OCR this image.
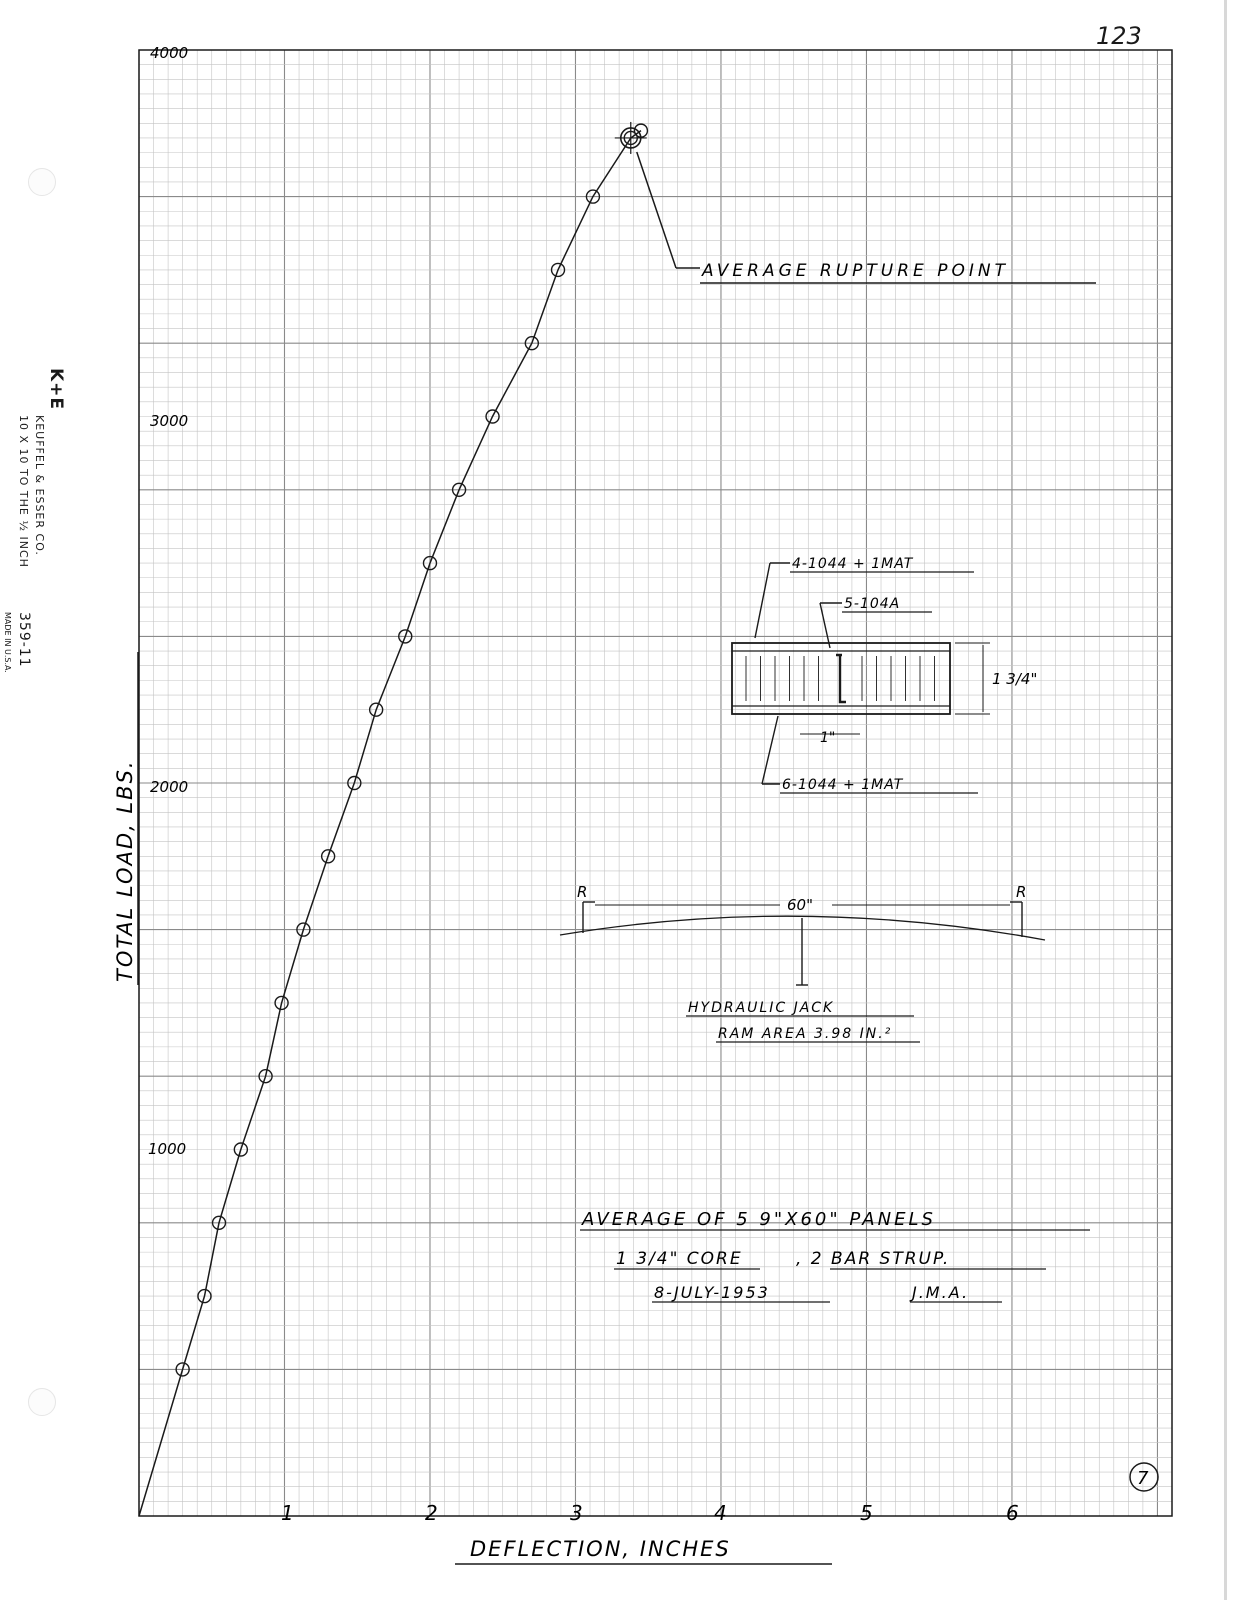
K+E
KEUFFEL & ESSER CO.
10 X 10 TO THE ½ INCH
359-11
MADE IN U.S.A.
123
1000
2000
3000
4000
1	2	3	4	5	6
DEFLECTION, INCHES
TOTAL LOAD, LBS.
AVERAGE RUPTURE POINT
4-1044 + 1MAT
5-104A
6-1044 + 1MAT
1 3/4"
1"
R	R
60"
HYDRAULIC JACK
RAM AREA 3.98 IN.²
AVERAGE OF 5 9"X60" PANELS
1 3/4" CORE	, 2 BAR STRUP.
8-JULY-1953	J.M.A.
7
